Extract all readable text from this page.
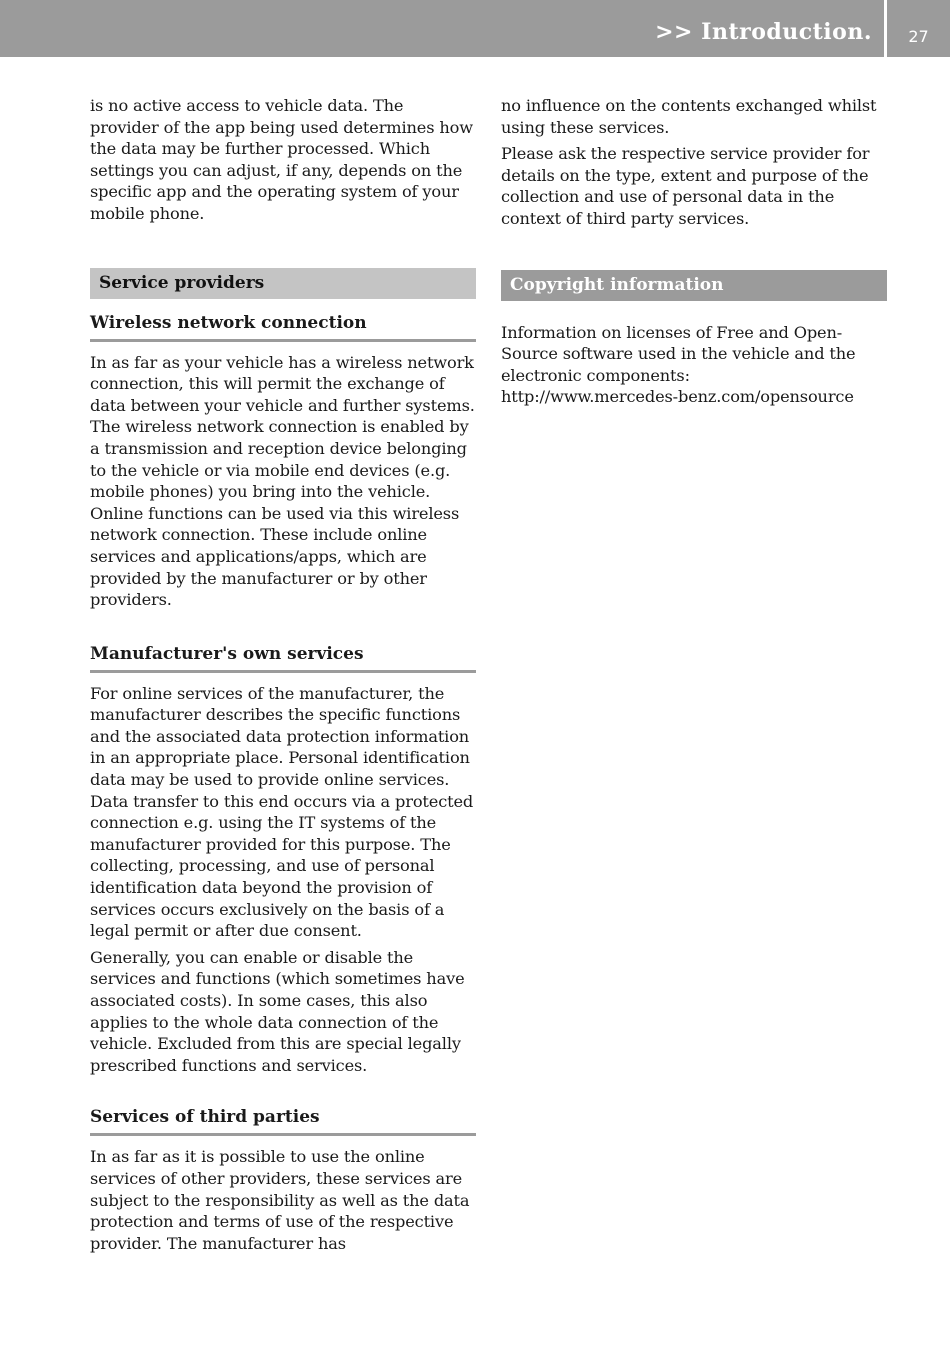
>> Introduction.	27

is no active access to vehicle data. The provider of the app being used determines how the data may be further processed. Which settings you can adjust, if any, depends on the specific app and the operating system of your mobile phone.

Service providers
Wireless network connection

In as far as your vehicle has a wireless network connection, this will permit the exchange of data between your vehicle and further systems. The wireless network connection is enabled by a transmission and reception device belonging to the vehicle or via mobile end devices (e.g. mobile phones) you bring into the vehicle. Online functions can be used via this wireless network connection. These include online services and applications/apps, which are provided by the manufacturer or by other providers.

Manufacturer's own services

For online services of the manufacturer, the manufacturer describes the specific functions and the associated data protection information in an appropriate place. Personal identification data may be used to provide online services. Data transfer to this end occurs via a protected connection e.g. using the IT systems of the manufacturer provided for this purpose. The collecting, processing, and use of personal identification data beyond the provision of services occurs exclusively on the basis of a legal permit or after due consent.

Generally, you can enable or disable the services and functions (which sometimes have associated costs). In some cases, this also applies to the whole data connection of the vehicle. Excluded from this are special legally prescribed functions and services.

Services of third parties

In as far as it is possible to use the online services of other providers, these services are subject to the responsibility as well as the data protection and terms of use of the respective provider. The manufacturer has

no influence on the contents exchanged whilst using these services.

Please ask the respective service provider for details on the type, extent and purpose of the collection and use of personal data in the context of third party services.

Copyright information

Information on licenses of Free and Open-Source software used in the vehicle and the electronic components:

http://www.mercedes-benz.com/opensource
